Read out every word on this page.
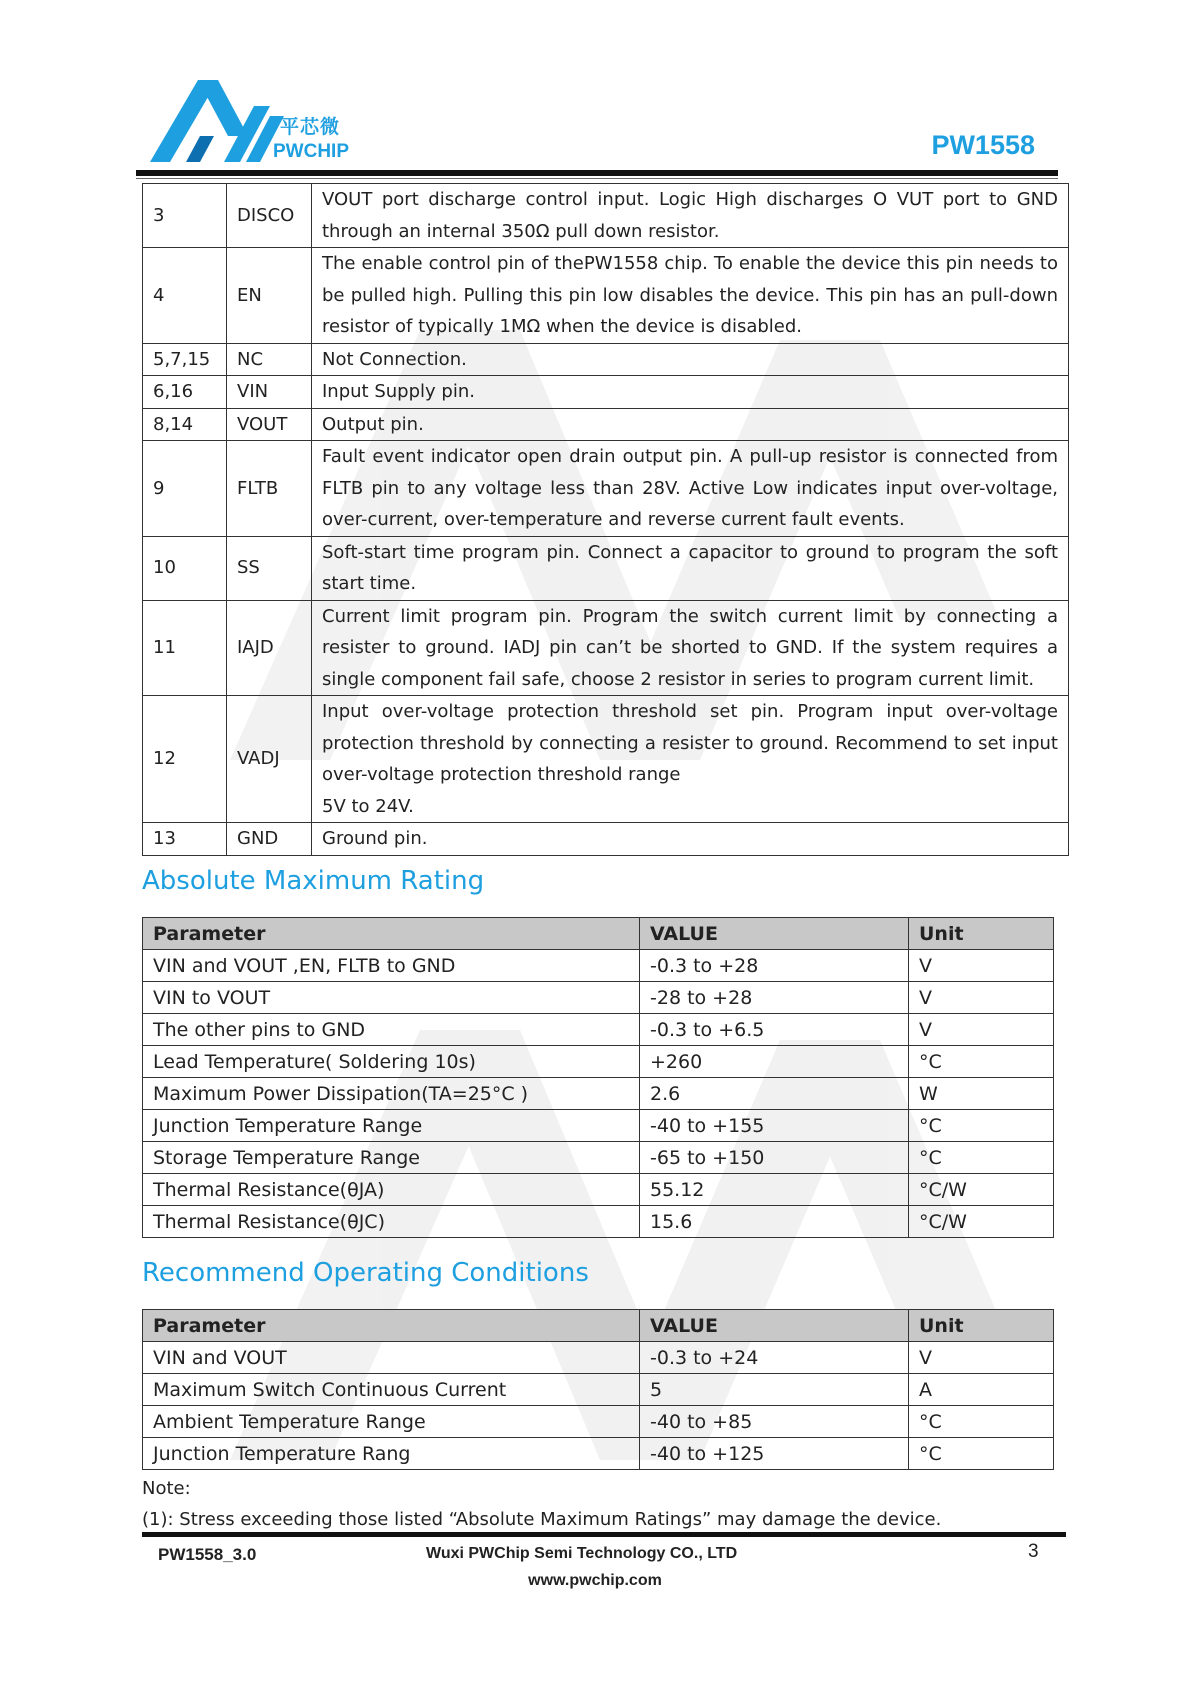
平芯微
PWCHIP	PW1558
3	DISCO	VOUT port discharge control input. Logic High discharges O VUT port to GND through an internal 350Ω pull down resistor.
4	EN	The enable control pin of thePW1558 chip. To enable the device this pin needs to be pulled high. Pulling this pin low disables the device. This pin has an pull-down resistor of typically 1MΩ when the device is disabled.
5,7,15	NC	Not Connection.
6,16	VIN	Input Supply pin.
8,14	VOUT	Output pin.
9	FLTB	Fault event indicator open drain output pin. A pull-up resistor is connected from FLTB pin to any voltage less than 28V. Active Low indicates input over-voltage, over-current, over-temperature and reverse current fault events.
10	SS	Soft-start time program pin. Connect a capacitor to ground to program the soft start time.
11	IAJD	Current limit program pin. Program the switch current limit by connecting a resister to ground. IADJ pin can’t be shorted to GND. If the system requires a single component fail safe, choose 2 resistor in series to program current limit.
12	VADJ	Input over-voltage protection threshold set pin. Program input over-voltage protection threshold by connecting a resister to ground. Recommend to set input over-voltage protection threshold range
5V to 24V.
13	GND	Ground pin.
Absolute Maximum Rating
Parameter	VALUE	Unit
VIN and VOUT ,EN, FLTB to GND	-0.3 to +28	V
VIN to VOUT	-28 to +28	V
The other pins to GND	-0.3 to +6.5	V
Lead Temperature( Soldering 10s)	+260	°C
Maximum Power Dissipation(TA=25°C )	2.6	W
Junction Temperature Range	-40 to +155	°C
Storage Temperature Range	-65 to +150	°C
Thermal Resistance(θJA)	55.12	°C/W
Thermal Resistance(θJC)	15.6	°C/W
Recommend Operating Conditions
Parameter	VALUE	Unit
VIN and VOUT	-0.3 to +24	V
Maximum Switch Continuous Current	5	A
Ambient Temperature Range	-40 to +85	°C
Junction Temperature Rang	-40 to +125	°C
Note:
(1): Stress exceeding those listed “Absolute Maximum Ratings” may damage the device.
PW1558_3.0	Wuxi PWChip Semi Technology CO., LTD	3
www.pwchip.com
